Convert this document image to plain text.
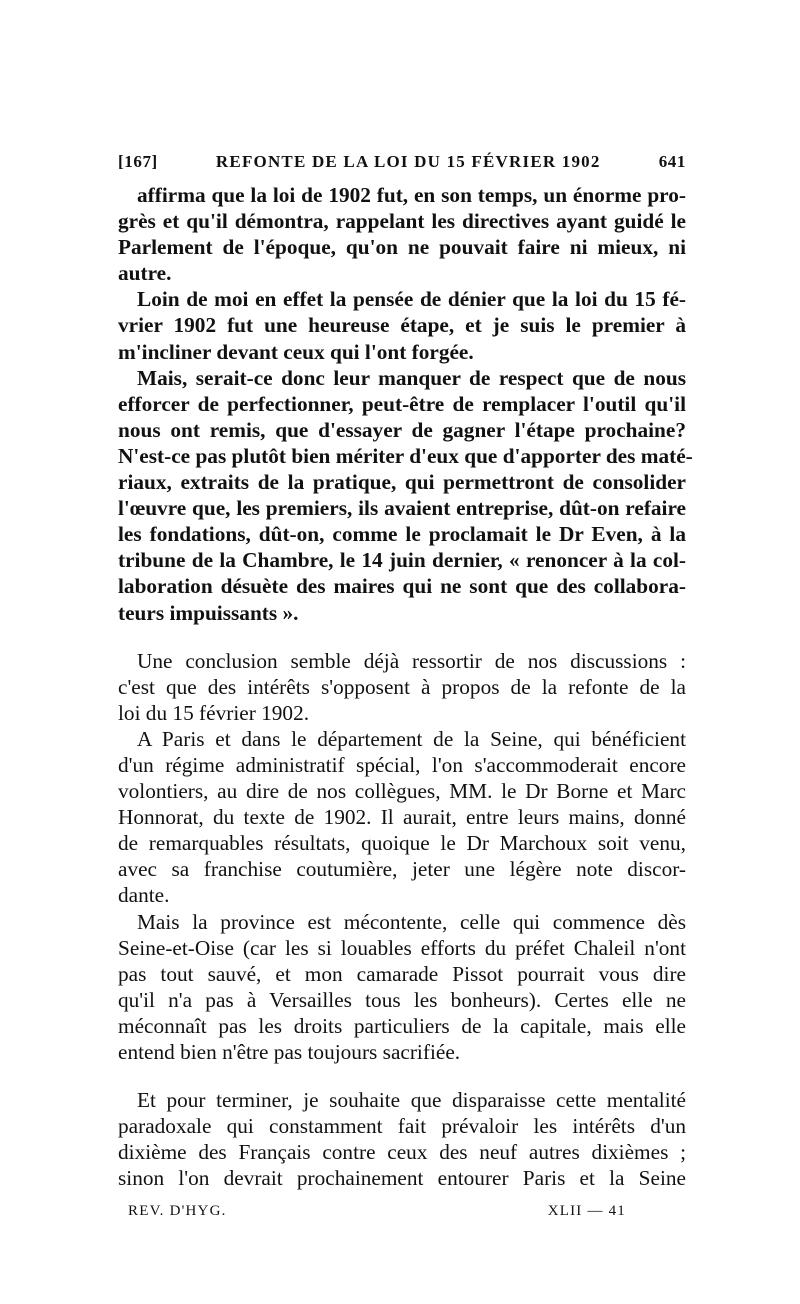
[167]	REFONTE DE LA LOI DU 15 FÉVRIER 1902	641

affirma que la loi de 1902 fut, en son temps, un énorme pro-
grès et qu'il démontra, rappelant les directives ayant guidé le
Parlement de l'époque, qu'on ne pouvait faire ni mieux, ni
autre.

Loin de moi en effet la pensée de dénier que la loi du 15 fé-
vrier 1902 fut une heureuse étape, et je suis le premier à
m'incliner devant ceux qui l'ont forgée.

Mais, serait-ce donc leur manquer de respect que de nous
efforcer de perfectionner, peut-être de remplacer l'outil qu'il
nous ont remis, que d'essayer de gagner l'étape prochaine?
N'est-ce pas plutôt bien mériter d'eux que d'apporter des maté-
riaux, extraits de la pratique, qui permettront de consolider
l'œuvre que, les premiers, ils avaient entreprise, dût-on refaire
les fondations, dût-on, comme le proclamait le Dr Even, à la
tribune de la Chambre, le 14 juin dernier, « renoncer à la col-
laboration désuète des maires qui ne sont que des collabora-
teurs impuissants ».

Une conclusion semble déjà ressortir de nos discussions :
c'est que des intérêts s'opposent à propos de la refonte de la
loi du 15 février 1902.

A Paris et dans le département de la Seine, qui bénéficient
d'un régime administratif spécial, l'on s'accommoderait encore
volontiers, au dire de nos collègues, MM. le Dr Borne et Marc
Honnorat, du texte de 1902. Il aurait, entre leurs mains, donné
de remarquables résultats, quoique le Dr Marchoux soit venu,
avec sa franchise coutumière, jeter une légère note discor-
dante.

Mais la province est mécontente, celle qui commence dès
Seine-et-Oise (car les si louables efforts du préfet Chaleil n'ont
pas tout sauvé, et mon camarade Pissot pourrait vous dire
qu'il n'a pas à Versailles tous les bonheurs). Certes elle ne
méconnaît pas les droits particuliers de la capitale, mais elle
entend bien n'être pas toujours sacrifiée.

Et pour terminer, je souhaite que disparaisse cette mentalité
paradoxale qui constamment fait prévaloir les intérêts d'un
dixième des Français contre ceux des neuf autres dixièmes ;
sinon l'on devrait prochainement entourer Paris et la Seine

REV. D'HYG.	XLII — 41
